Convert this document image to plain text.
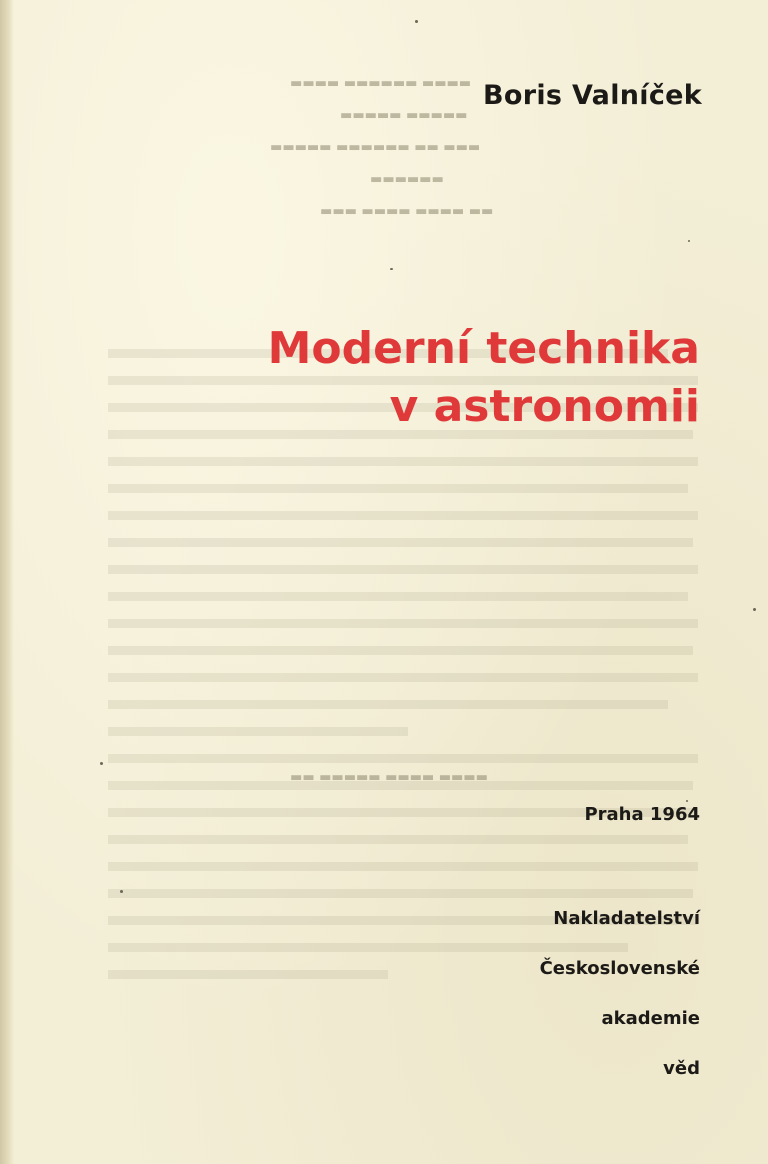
▬▬▬▬ ▬▬▬▬▬▬ ▬▬▬▬
▬▬▬▬▬ ▬▬▬▬▬
▬▬▬ ▬▬ ▬▬▬▬▬▬ ▬▬▬▬▬
▬▬▬▬▬▬
▬▬ ▬▬▬▬ ▬▬▬▬ ▬▬▬
▬▬▬▬ ▬▬▬▬ ▬▬▬▬▬ ▬▬
Boris Valníček
Moderní technika
v astronomii
Praha 1964
Nakladatelství
Československé
akademie
věd
